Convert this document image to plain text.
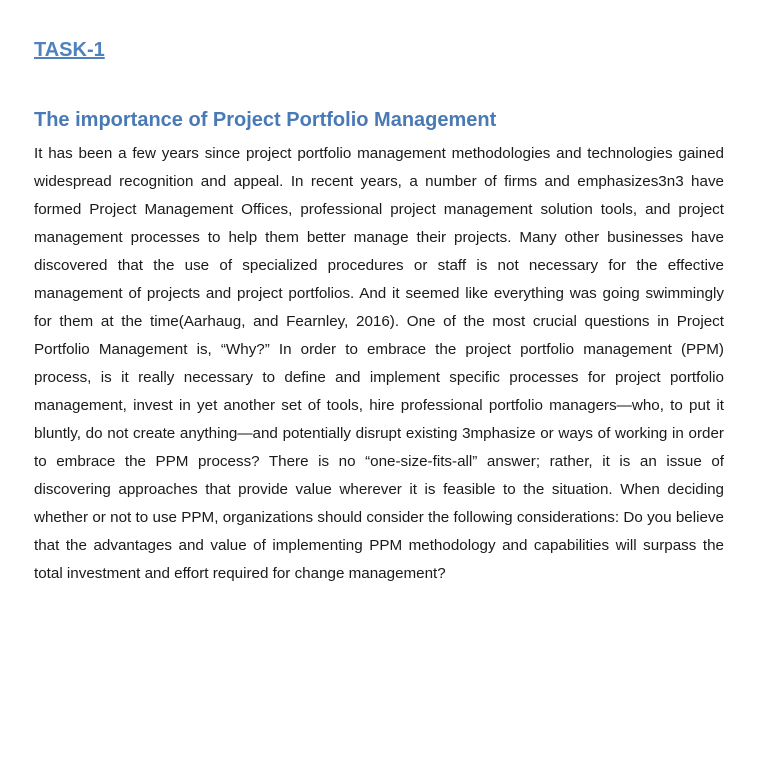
TASK-1
The importance of Project Portfolio Management

It has been a few years since project portfolio management methodologies and technologies gained widespread recognition and appeal. In recent years, a number of firms and emphasizes3n3 have formed Project Management Offices, professional project management solution tools, and project management processes to help them better manage their projects. Many other businesses have discovered that the use of specialized procedures or staff is not necessary for the effective management of projects and project portfolios. And it seemed like everything was going swimmingly for them at the time(Aarhaug, and Fearnley, 2016). One of the most crucial questions in Project Portfolio Management is, “Why?” In order to embrace the project portfolio management (PPM) process, is it really necessary to define and implement specific processes for project portfolio management, invest in yet another set of tools, hire professional portfolio managers—who, to put it bluntly, do not create anything—and potentially disrupt existing 3mphasize or ways of working in order to embrace the PPM process? There is no “one-size-fits-all” answer; rather, it is an issue of discovering approaches that provide value wherever it is feasible to the situation. When deciding whether or not to use PPM, organizations should consider the following considerations: Do you believe that the advantages and value of implementing PPM methodology and capabilities will surpass the total investment and effort required for change management?
